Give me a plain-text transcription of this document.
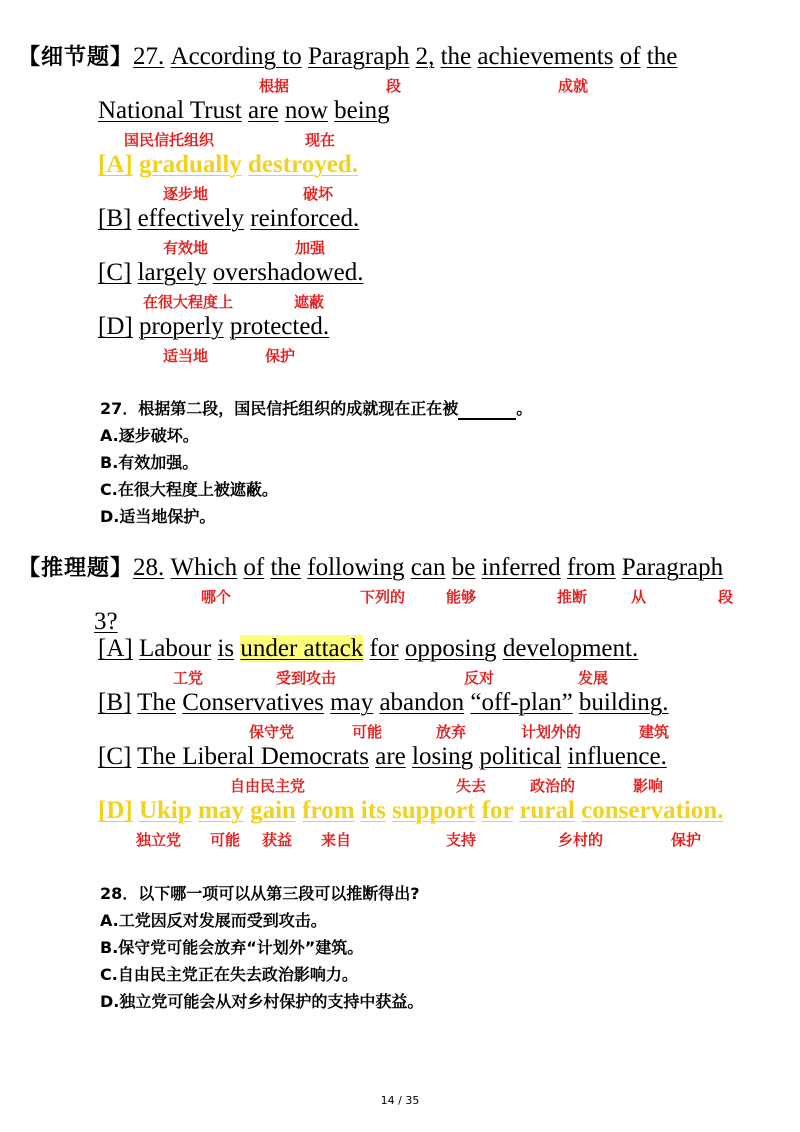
【细节题】27. According to Paragraph 2, the achievements of the
根据	段	成就
National Trust are now being
国民信托组织	现在
[A] gradually destroyed.
逐步地	破坏
[B] effectively reinforced.
有效地	加强
[C] largely overshadowed.
在很大程度上	遮蔽
[D] properly protected.
适当地	保护
27．根据第二段，国民信托组织的成就现在正在被	。
A.逐步破坏。
B.有效加强。
C.在很大程度上被遮蔽。
D.适当地保护。
【推理题】28. Which of the following can be inferred from Paragraph
哪个	下列的	能够	推断	从	段
3?
[A] Labour is under attack for opposing development.
工党	受到攻击	反对	发展
[B] The Conservatives may abandon “off-plan” building.
保守党	可能	放弃	计划外的	建筑
[C] The Liberal Democrats are losing political influence.
自由民主党	失去	政治的	影响
[D] Ukip may gain from its support for rural conservation.
独立党 可能 获益 来自	支持	乡村的	保护
28．以下哪一项可以从第三段可以推断得出?
A.工党因反对发展而受到攻击。
B.保守党可能会放弃“计划外”建筑。
C.自由民主党正在失去政治影响力。
D.独立党可能会从对乡村保护的支持中获益。
14 / 35
